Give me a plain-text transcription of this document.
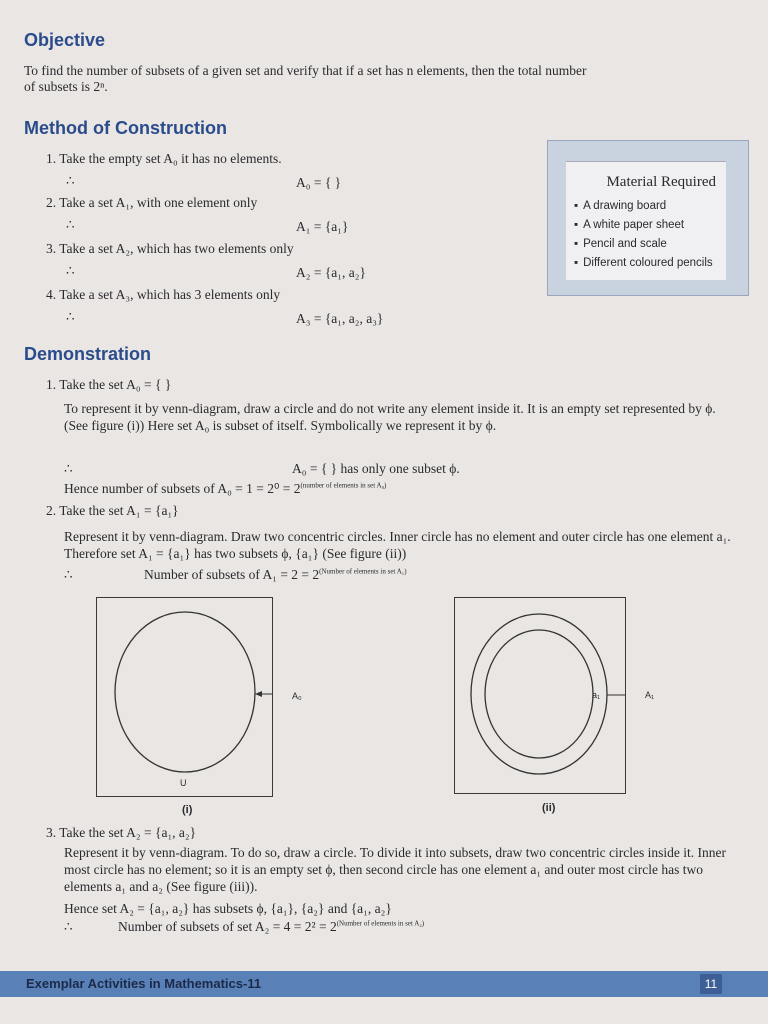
Objective
To find the number of subsets of a given set and verify that if a set has n elements, then the total number
of subsets is 2ⁿ.
Method of Construction
1. Take the empty set A₀ it has no elements.
∴	A₀ = { }
2. Take a set A₁, with one element only
∴	A₁ = {a₁}
3. Take a set A₂, which has two elements only
∴	A₂ = {a₁, a₂}
4. Take a set A₃, which has 3 elements only
∴	A₃ = {a₁, a₂, a₃}
Material Required
▪ A drawing board
▪ A white paper sheet
▪ Pencil and scale
▪ Different coloured pencils
Demonstration
1. Take the set A₀ = { }
To represent it by venn-diagram, draw a circle and do not write any element inside it. It is an empty set represented by ϕ. (See figure (i)) Here set A₀ is subset of itself. Symbolically we represent it by ϕ.
∴	A₀ = { } has only one subset ϕ.
Hence number of subsets of $A_0 = 1 = 2^0 = 2^{(number of elements in set A_0)}$
2. Take the set A₁ = {a₁}
Represent it by venn-diagram. Draw two concentric circles. Inner circle has no element and outer circle has one element a₁. Therefore set A₁ = {a₁} has two subsets ϕ, {a₁} (See figure (ii))
∴	Number of subsets of $A_1 = 2 = 2^{(Number of elements in set A_1)}$
A₀
U
(i)
a₁	A₁
(ii)
3. Take the set A₂ = {a₁, a₂}
Represent it by venn-diagram. To do so, draw a circle. To divide it into subsets, draw two concentric circles inside it. Inner most circle has no element; so it is an empty set ϕ, then second circle has one element a₁ and outer most circle has two elements a₁ and a₂ (See figure (iii)).
Hence set A₂ = {a₁, a₂} has subsets ϕ, {a₁}, {a₂} and {a₁, a₂}
∴	Number of subsets of set $A_2 = 4 = 2^2 = 2^{(Number of elements in set A_2)}$
Exemplar Activities in Mathematics-11	11
